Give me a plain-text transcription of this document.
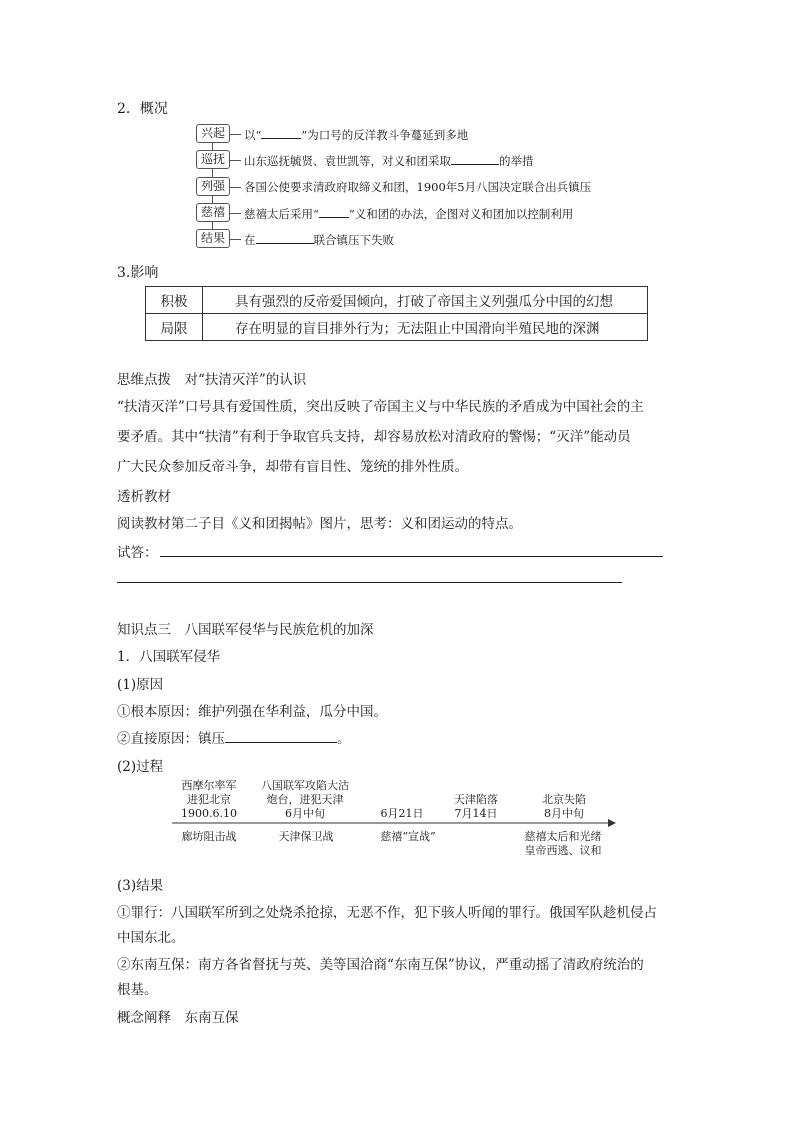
2．概况
兴起	以“	”为口号的反洋教斗争蔓延到多地
巡抚	山东巡抚毓贤、袁世凯等，对义和团采取	的举措
列强	各国公使要求清政府取缔义和团，1900年5月八国决定联合出兵镇压
慈禧	慈禧太后采用“	”义和团的办法，企图对义和团加以控制利用
结果	在	联合镇压下失败
3.影响
积极	具有强烈的反帝爱国倾向，打破了帝国主义列强瓜分中国的幻想
局限	存在明显的盲目排外行为；无法阻止中国滑向半殖民地的深渊
思维点拨　对“扶清灭洋”的认识
“扶清灭洋”口号具有爱国性质，突出反映了帝国主义与中华民族的矛盾成为中国社会的主
要矛盾。其中“扶清”有利于争取官兵支持，却容易放松对清政府的警惕；“灭洋”能动员
广大民众参加反帝斗争，却带有盲目性、笼统的排外性质。
透析教材
阅读教材第二子目《义和团揭帖》图片，思考：义和团运动的特点。
试答：
知识点三　八国联军侵华与民族危机的加深
1．八国联军侵华
(1)原因
①根本原因：维护列强在华利益，瓜分中国。
②直接原因：镇压	。
(2)过程
西摩尔率军
进犯北京
1900.6.10
八国联军攻陷大沽
炮台，进犯天津
6月中旬

	6月21日

天津陷落
7月14日

北京失陷
8月中旬
廊坊阻击战	天津保卫战	慈禧“宣战”	慈禧太后和光绪
皇帝西逃、议和
(3)结果
①罪行：八国联军所到之处烧杀抢掠，无恶不作，犯下骇人听闻的罪行。俄国军队趁机侵占
中国东北。
②东南互保：南方各省督抚与英、美等国洽商“东南互保”协议，严重动摇了清政府统治的
根基。
概念阐释　东南互保
